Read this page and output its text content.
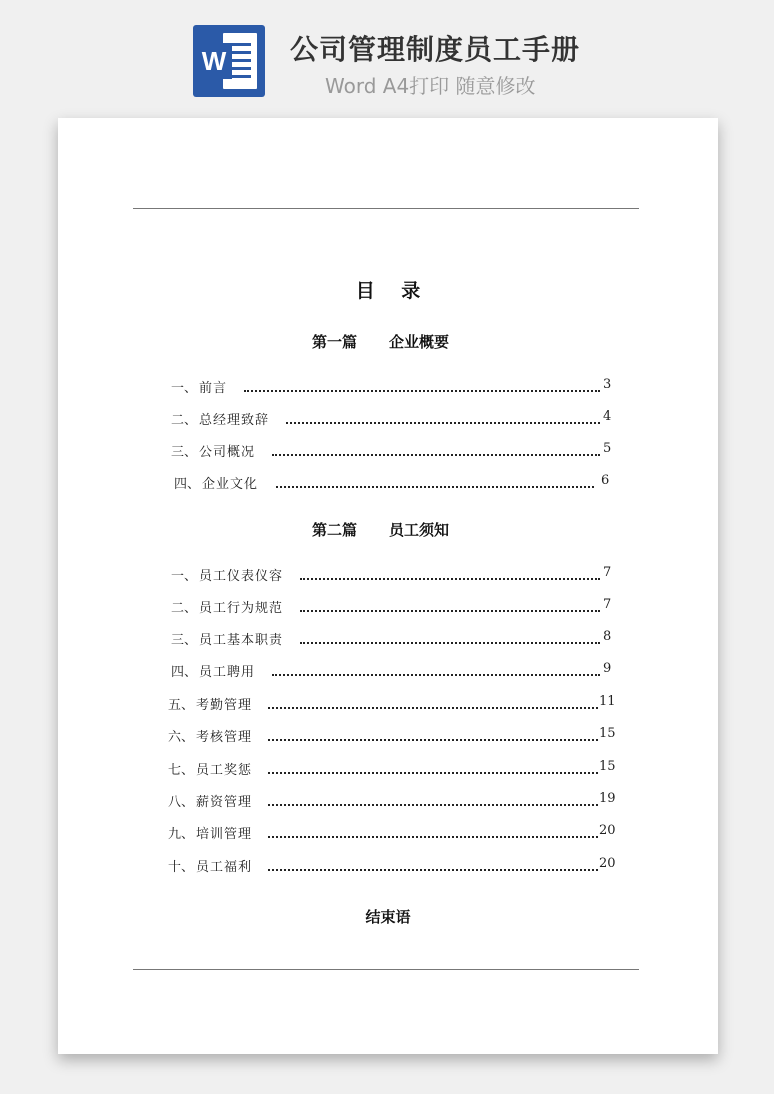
W 公司管理制度员工手册
Word A4打印 随意修改
目    录
第一篇 企业概要
一、 前言	3
二、 总经理致辞	4
三、 公司概况	5
四、 企业文化	6
第二篇 员工须知
一、 员工仪表仪容	7
二、 员工行为规范	7
三、 员工基本职责	8
四、 员工聘用	9
五、 考勤管理	11
六、 考核管理	15
七、 员工奖惩	15
八、 薪资管理	19
九、 培训管理	20
十、 员工福利	20
结束语
